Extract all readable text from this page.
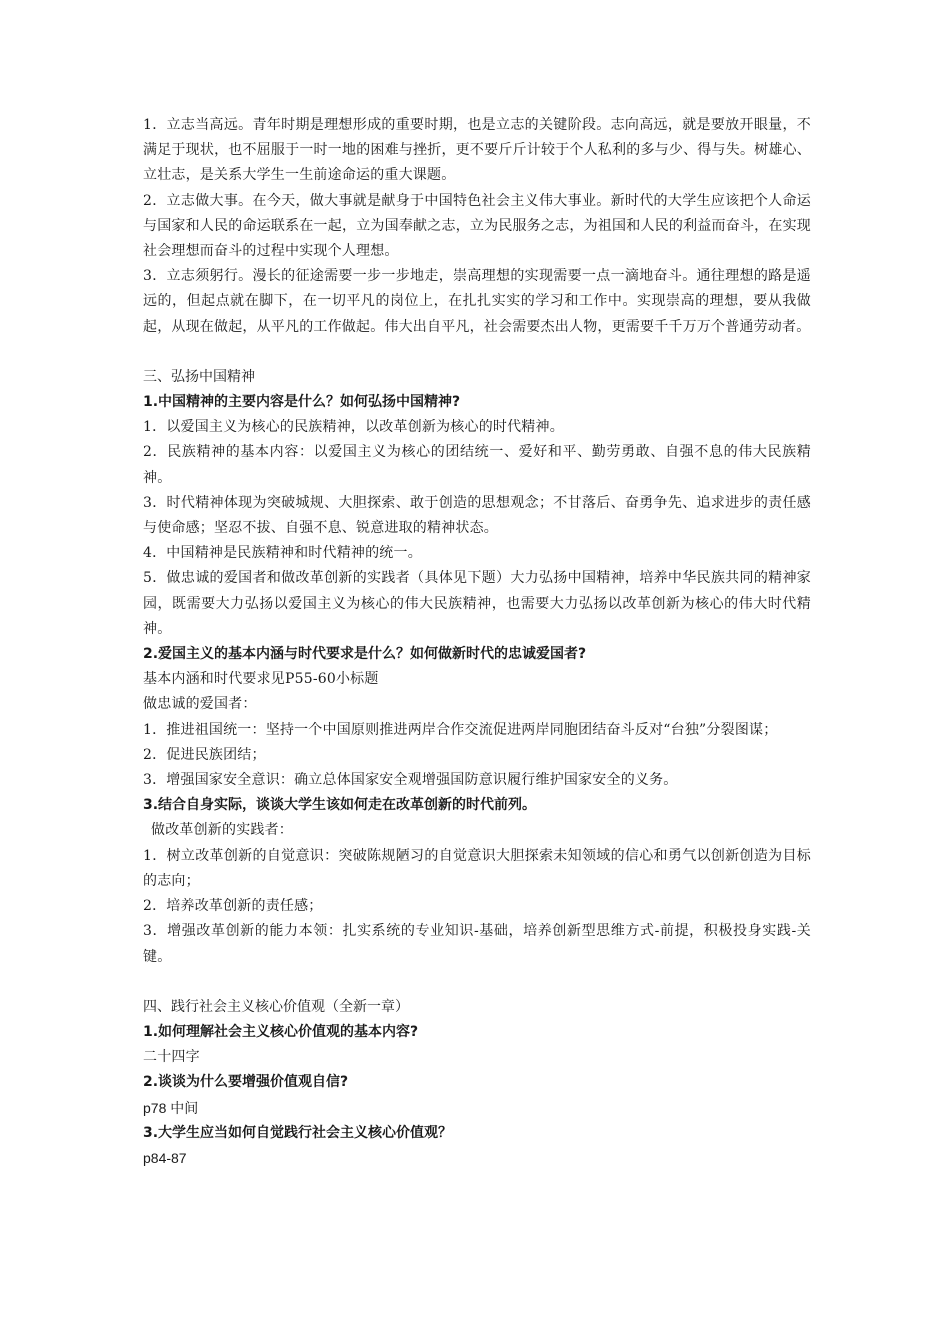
1．立志当高远。青年时期是理想形成的重要时期，也是立志的关键阶段。志向高远，就是要放开眼量，不满足于现状，也不屈服于一时一地的困难与挫折，更不要斤斤计较于个人私利的多与少、得与失。树雄心、立壮志，是关系大学生一生前途命运的重大课题。

2．立志做大事。在今天，做大事就是献身于中国特色社会主义伟大事业。新时代的大学生应该把个人命运与国家和人民的命运联系在一起，立为国奉献之志，立为民服务之志，为祖国和人民的利益而奋斗，在实现社会理想而奋斗的过程中实现个人理想。

3．立志须躬行。漫长的征途需要一步一步地走，崇高理想的实现需要一点一滴地奋斗。通往理想的路是遥远的，但起点就在脚下，在一切平凡的岗位上，在扎扎实实的学习和工作中。实现崇高的理想，要从我做起，从现在做起，从平凡的工作做起。伟大出自平凡，社会需要杰出人物，更需要千千万万个普通劳动者。

三、弘扬中国精神

1.中国精神的主要内容是什么？如何弘扬中国精神?

1．以爱国主义为核心的民族精神，以改革创新为核心的时代精神。

2．民族精神的基本内容：以爱国主义为核心的团结统一、爱好和平、勤劳勇敢、自强不息的伟大民族精神。

3．时代精神体现为突破城规、大胆探索、敢于创造的思想观念；不甘落后、奋勇争先、追求进步的责任感与使命感；坚忍不拔、自强不息、锐意进取的精神状态。

4．中国精神是民族精神和时代精神的统一。

5．做忠诚的爱国者和做改革创新的实践者（具体见下题）大力弘扬中国精神，培养中华民族共同的精神家园，既需要大力弘扬以爱国主义为核心的伟大民族精神，也需要大力弘扬以改革创新为核心的伟大时代精神。

2.爱国主义的基本内涵与时代要求是什么？如何做新时代的忠诚爱国者?

基本内涵和时代要求见P55-60小标题

做忠诚的爱国者：

1．推进祖国统一：坚持一个中国原则推进两岸合作交流促进两岸同胞团结奋斗反对“台独”分裂图谋；

2．促进民族团结；

3．增强国家安全意识：确立总体国家安全观增强国防意识履行维护国家安全的义务。

3.结合自身实际，谈谈大学生该如何走在改革创新的时代前列。

做改革创新的实践者：

1．树立改革创新的自觉意识：突破陈规陋习的自觉意识大胆探索未知领域的信心和勇气以创新创造为目标的志向；

2．培养改革创新的责任感；

3．增强改革创新的能力本领：扎实系统的专业知识-基础，培养创新型思维方式-前提，积极投身实践-关键。

四、践行社会主义核心价值观（全新一章）

1.如何理解社会主义核心价值观的基本内容?

二十四字

2.谈谈为什么要增强价值观自信?

p78 中间

3.大学生应当如何自觉践行社会主义核心价值观？

p84-87
